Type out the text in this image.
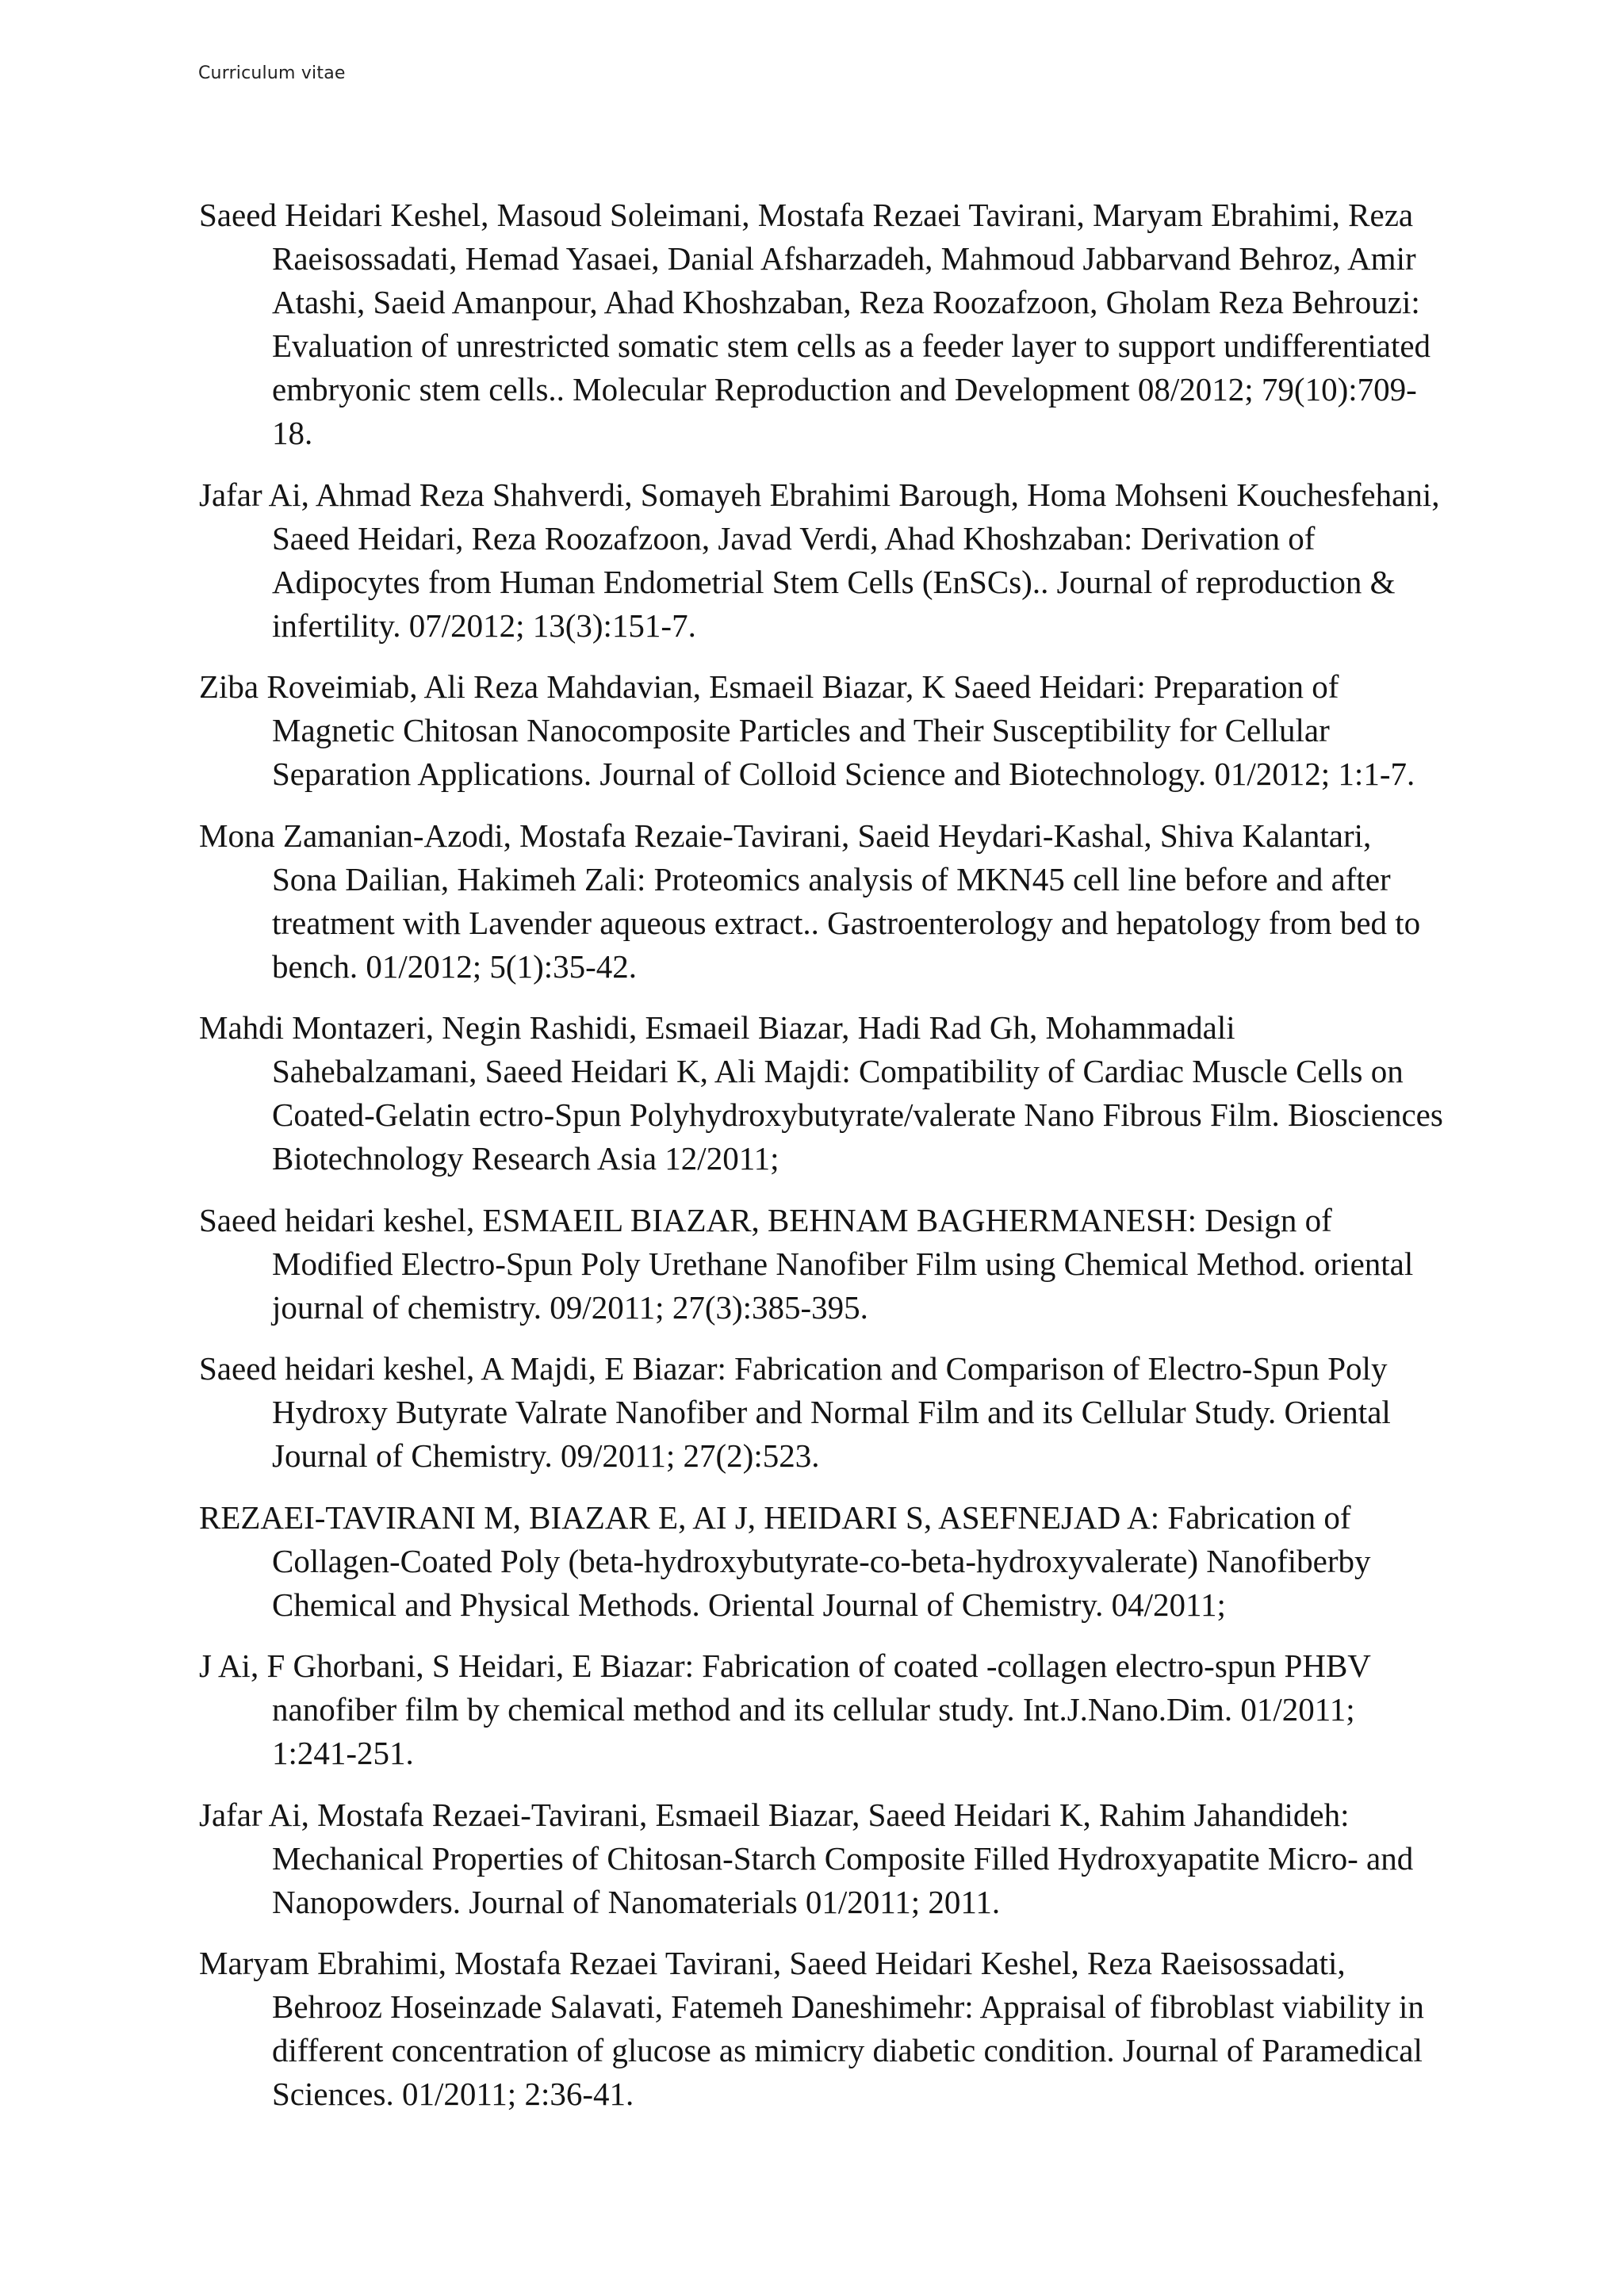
Curriculum vitae
Saeed Heidari Keshel, Masoud Soleimani, Mostafa Rezaei Tavirani, Maryam Ebrahimi, Reza Raeisossadati, Hemad Yasaei, Danial Afsharzadeh, Mahmoud Jabbarvand Behroz, Amir Atashi, Saeid Amanpour, Ahad Khoshzaban, Reza Roozafzoon, Gholam Reza Behrouzi: Evaluation of unrestricted somatic stem cells as a feeder layer to support undifferentiated embryonic stem cells.. Molecular Reproduction and Development 08/2012; 79(10):709-18.
Jafar Ai, Ahmad Reza Shahverdi, Somayeh Ebrahimi Barough, Homa Mohseni Kouchesfehani, Saeed Heidari, Reza Roozafzoon, Javad Verdi, Ahad Khoshzaban: Derivation of Adipocytes from Human Endometrial Stem Cells (EnSCs).. Journal of reproduction & infertility. 07/2012; 13(3):151-7.
Ziba Roveimiab, Ali Reza Mahdavian, Esmaeil Biazar, K Saeed Heidari: Preparation of Magnetic Chitosan Nanocomposite Particles and Their Susceptibility for Cellular Separation Applications. Journal of Colloid Science and Biotechnology. 01/2012; 1:1-7.
Mona Zamanian-Azodi, Mostafa Rezaie-Tavirani, Saeid Heydari-Kashal, Shiva Kalantari, Sona Dailian, Hakimeh Zali: Proteomics analysis of MKN45 cell line before and after treatment with Lavender aqueous extract.. Gastroenterology and hepatology from bed to bench. 01/2012; 5(1):35-42.
Mahdi Montazeri, Negin Rashidi, Esmaeil Biazar, Hadi Rad Gh, Mohammadali Sahebalzamani, Saeed Heidari K, Ali Majdi: Compatibility of Cardiac Muscle Cells on Coated-Gelatin ectro-Spun Polyhydroxybutyrate/valerate Nano Fibrous Film. Biosciences Biotechnology Research Asia 12/2011;
Saeed heidari keshel, ESMAEIL BIAZAR, BEHNAM BAGHERMANESH: Design of Modified Electro-Spun Poly Urethane Nanofiber Film using Chemical Method. oriental journal of chemistry. 09/2011; 27(3):385-395.
Saeed heidari keshel, A Majdi, E Biazar: Fabrication and Comparison of Electro-Spun Poly Hydroxy Butyrate Valrate Nanofiber and Normal Film and its Cellular Study. Oriental Journal of Chemistry. 09/2011; 27(2):523.
REZAEI-TAVIRANI M, BIAZAR E, AI J, HEIDARI S, ASEFNEJAD A: Fabrication of Collagen-Coated Poly (beta-hydroxybutyrate-co-beta-hydroxyvalerate) Nanofiberby Chemical and Physical Methods. Oriental Journal of Chemistry. 04/2011;
J Ai, F Ghorbani, S Heidari, E Biazar: Fabrication of coated -collagen electro-spun PHBV nanofiber film by chemical method and its cellular study. Int.J.Nano.Dim. 01/2011; 1:241-251.
Jafar Ai, Mostafa Rezaei-Tavirani, Esmaeil Biazar, Saeed Heidari K, Rahim Jahandideh: Mechanical Properties of Chitosan-Starch Composite Filled Hydroxyapatite Micro- and Nanopowders. Journal of Nanomaterials 01/2011; 2011.
Maryam Ebrahimi, Mostafa Rezaei Tavirani, Saeed Heidari Keshel, Reza Raeisossadati, Behrooz Hoseinzade Salavati, Fatemeh Daneshimehr: Appraisal of fibroblast viability in different concentration of glucose as mimicry diabetic condition. Journal of Paramedical Sciences. 01/2011; 2:36-41.
